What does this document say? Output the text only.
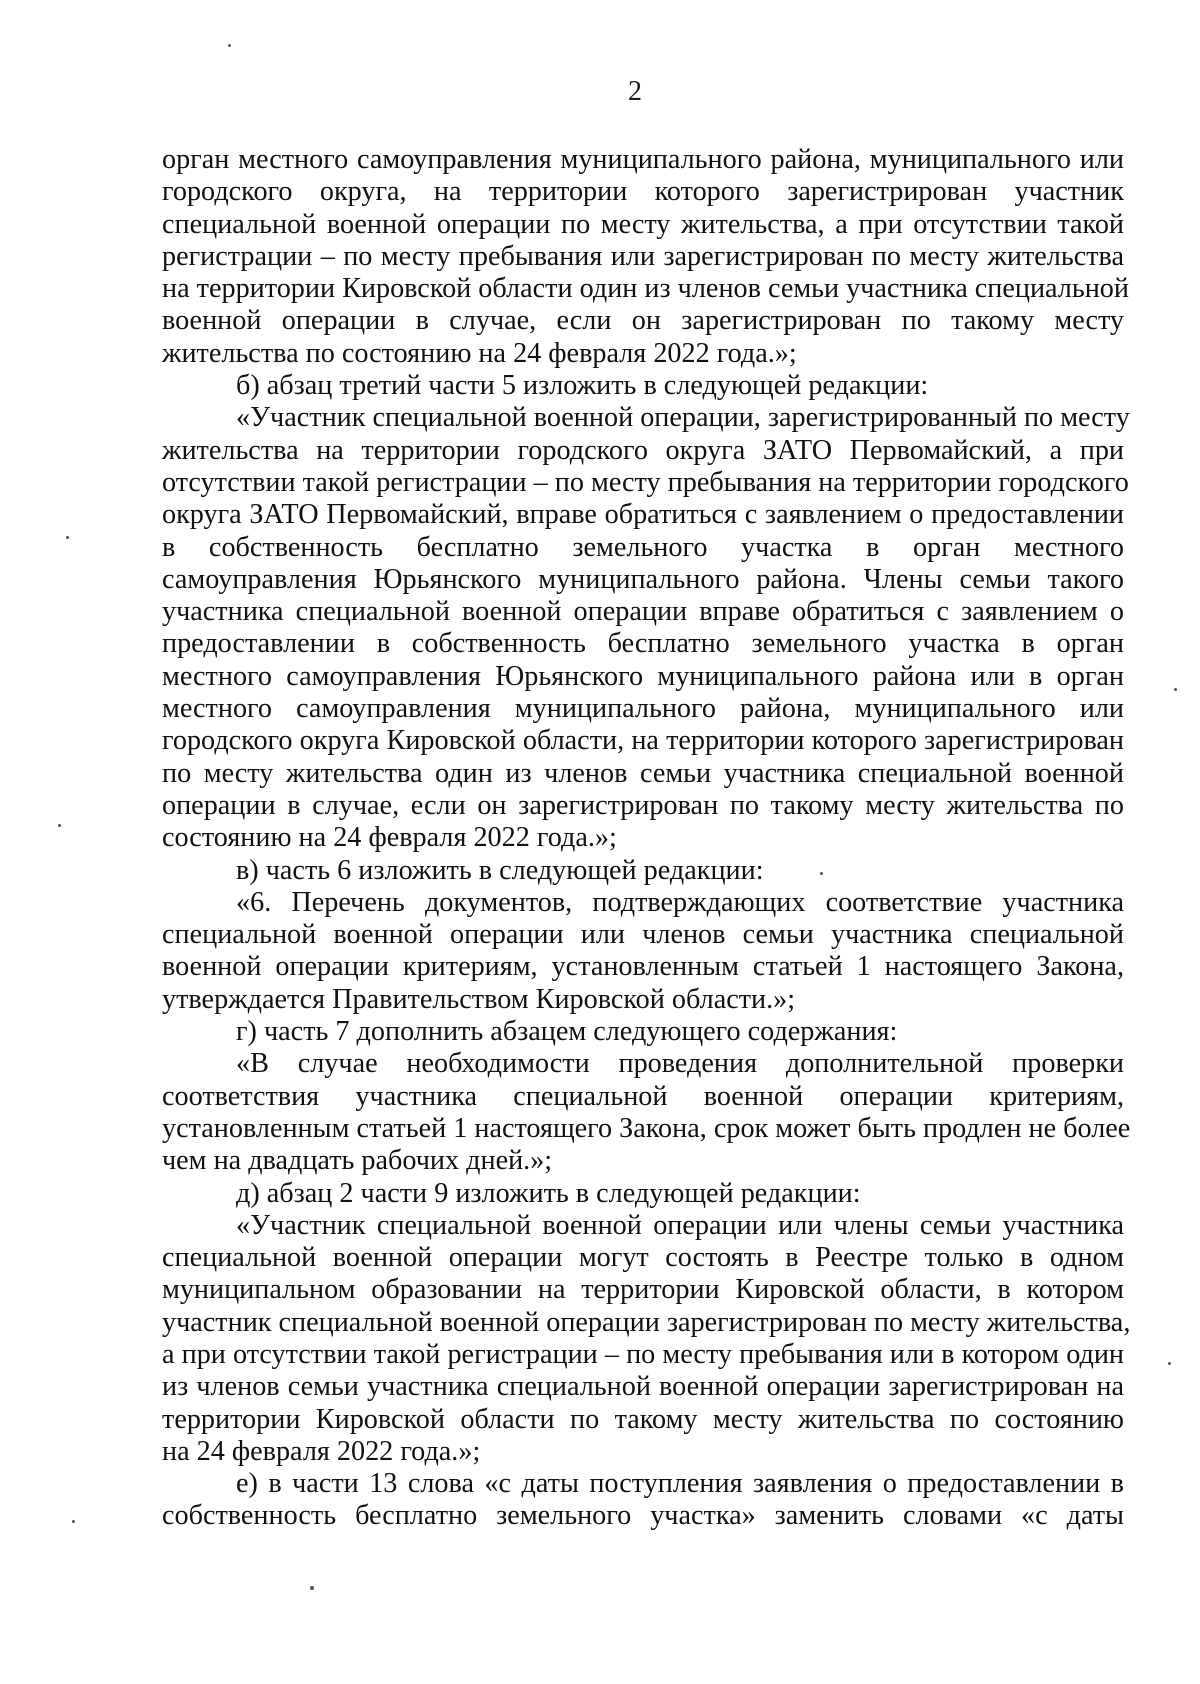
2
орган местного самоуправления муниципального района, муниципального или
городского округа, на территории которого зарегистрирован участник
специальной военной операции по месту жительства, а при отсутствии такой
регистрации – по месту пребывания или зарегистрирован по месту жительства
на территории Кировской области один из членов семьи участника специальной
военной операции в случае, если он зарегистрирован по такому месту
жительства по состоянию на 24 февраля 2022 года.»;
б) абзац третий части 5 изложить в следующей редакции:
«Участник специальной военной операции, зарегистрированный по месту
жительства на территории городского округа ЗАТО Первомайский, а при
отсутствии такой регистрации – по месту пребывания на территории городского
округа ЗАТО Первомайский, вправе обратиться с заявлением о предоставлении
в собственность бесплатно земельного участка в орган местного
самоуправления Юрьянского муниципального района. Члены семьи такого
участника специальной военной операции вправе обратиться с заявлением о
предоставлении в собственность бесплатно земельного участка в орган
местного самоуправления Юрьянского муниципального района или в орган
местного самоуправления муниципального района, муниципального или
городского округа Кировской области, на территории которого зарегистрирован
по месту жительства один из членов семьи участника специальной военной
операции в случае, если он зарегистрирован по такому месту жительства по
состоянию на 24 февраля 2022 года.»;
в) часть 6 изложить в следующей редакции:
«6. Перечень документов, подтверждающих соответствие участника
специальной военной операции или членов семьи участника специальной
военной операции критериям, установленным статьей 1 настоящего Закона,
утверждается Правительством Кировской области.»;
г) часть 7 дополнить абзацем следующего содержания:
«В случае необходимости проведения дополнительной проверки
соответствия участника специальной военной операции критериям,
установленным статьей 1 настоящего Закона, срок может быть продлен не более
чем на двадцать рабочих дней.»;
д) абзац 2 части 9 изложить в следующей редакции:
«Участник специальной военной операции или члены семьи участника
специальной военной операции могут состоять в Реестре только в одном
муниципальном образовании на территории Кировской области, в котором
участник специальной военной операции зарегистрирован по месту жительства,
а при отсутствии такой регистрации – по месту пребывания или в котором один
из членов семьи участника специальной военной операции зарегистрирован на
территории Кировской области по такому месту жительства по состоянию
на 24 февраля 2022 года.»;
е) в части 13 слова «с даты поступления заявления о предоставлении в
собственность бесплатно земельного участка» заменить словами «с даты
